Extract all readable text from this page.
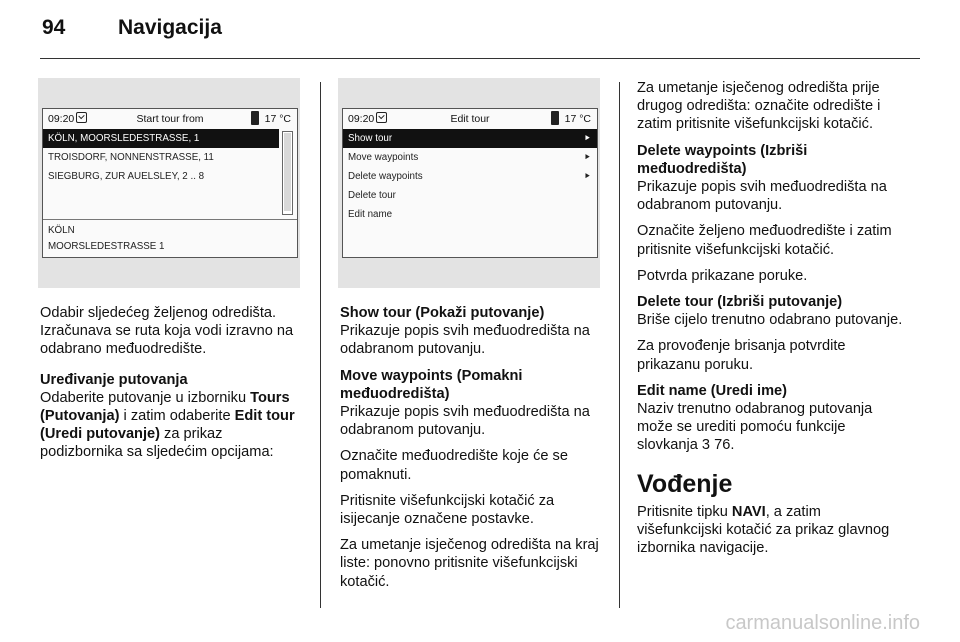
94	Navigacija
Start tour from
09:20	17 °C
KÖLN, MOORSLEDESTRASSE, 1
TROISDORF, NONNENSTRASSE, 11
SIEGBURG, ZUR AUELSLEY, 2 .. 8
KÖLN
MOORSLEDESTRASSE 1
Edit tour
09:20	17 °C
Show tour	⯈
Move waypoints	⯈
Delete waypoints	⯈
Delete tour
Edit name

Odabir sljedećeg željenog odredišta. Izračunava se ruta koja vodi izravno na odabrano međuodredište.

Uređivanje putovanja

Odaberite putovanje u izborniku Tours (Putovanja) i zatim odaberite Edit tour (Uredi putovanje) za prikaz podizbornika sa sljedećim opcijama:

Show tour (Pokaži putovanje)

Prikazuje popis svih međuodredišta na odabranom putovanju.

Move waypoints (Pomakni međuodredišta)

Prikazuje popis svih međuodredišta na odabranom putovanju.

Označite međuodredište koje će se pomaknuti.

Pritisnite višefunkcijski kotačić za isijecanje označene postavke.

Za umetanje isječenog odredišta na kraj liste: ponovno pritisnite višefunkcijski kotačić.

Za umetanje isječenog odredišta prije drugog odredišta: označite odredište i zatim pritisnite višefunkcijski kotačić.

Delete waypoints (Izbriši međuodredišta)

Prikazuje popis svih međuodredišta na odabranom putovanju.

Označite željeno međuodredište i zatim pritisnite višefunkcijski kotačić.

Potvrda prikazane poruke.

Delete tour (Izbriši putovanje)

Briše cijelo trenutno odabrano putovanje.

Za provođenje brisanja potvrdite prikazanu poruku.

Edit name (Uredi ime)

Naziv trenutno odabranog putovanja može se urediti pomoću funkcije slovkanja 3 76.

Vođenje

Pritisnite tipku NAVI, a zatim višefunkcijski kotačić za prikaz glavnog izbornika navigacije.

carmanualsonline.info
